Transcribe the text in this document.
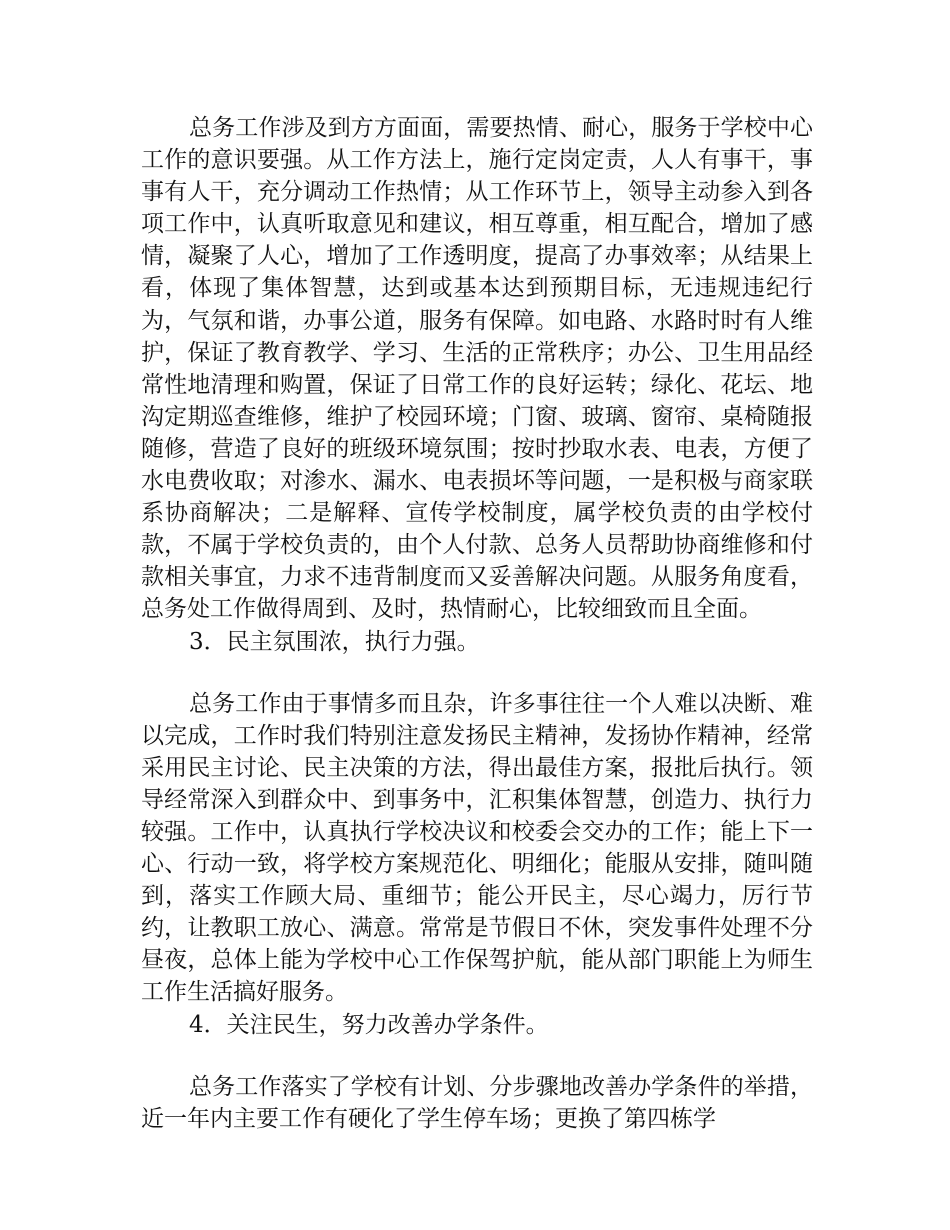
总务工作涉及到方方面面，需要热情、耐心，服务于学校中心工作的意识要强。从工作方法上，施行定岗定责，人人有事干，事事有人干，充分调动工作热情；从工作环节上，领导主动参入到各项工作中，认真听取意见和建议，相互尊重，相互配合，增加了感情，凝聚了人心，增加了工作透明度，提高了办事效率；从结果上看，体现了集体智慧，达到或基本达到预期目标，无违规违纪行为，气氛和谐，办事公道，服务有保障。如电路、水路时时有人维护，保证了教育教学、学习、生活的正常秩序；办公、卫生用品经常性地清理和购置，保证了日常工作的良好运转；绿化、花坛、地沟定期巡查维修，维护了校园环境；门窗、玻璃、窗帘、桌椅随报随修，营造了良好的班级环境氛围；按时抄取水表、电表，方便了水电费收取；对渗水、漏水、电表损坏等问题，一是积极与商家联系协商解决；二是解释、宣传学校制度，属学校负责的由学校付款，不属于学校负责的，由个人付款、总务人员帮助协商维修和付款相关事宜，力求不违背制度而又妥善解决问题。从服务角度看，总务处工作做得周到、及时，热情耐心，比较细致而且全面。

3．民主氛围浓，执行力强。

总务工作由于事情多而且杂，许多事往往一个人难以决断、难以完成，工作时我们特别注意发扬民主精神，发扬协作精神，经常采用民主讨论、民主决策的方法，得出最佳方案，报批后执行。领导经常深入到群众中、到事务中，汇积集体智慧，创造力、执行力较强。工作中，认真执行学校决议和校委会交办的工作；能上下一心、行动一致，将学校方案规范化、明细化；能服从安排，随叫随到，落实工作顾大局、重细节；能公开民主，尽心竭力，厉行节约，让教职工放心、满意。常常是节假日不休，突发事件处理不分昼夜，总体上能为学校中心工作保驾护航，能从部门职能上为师生工作生活搞好服务。

4．关注民生，努力改善办学条件。

总务工作落实了学校有计划、分步骤地改善办学条件的举措，近一年内主要工作有硬化了学生停车场；更换了第四栋学
